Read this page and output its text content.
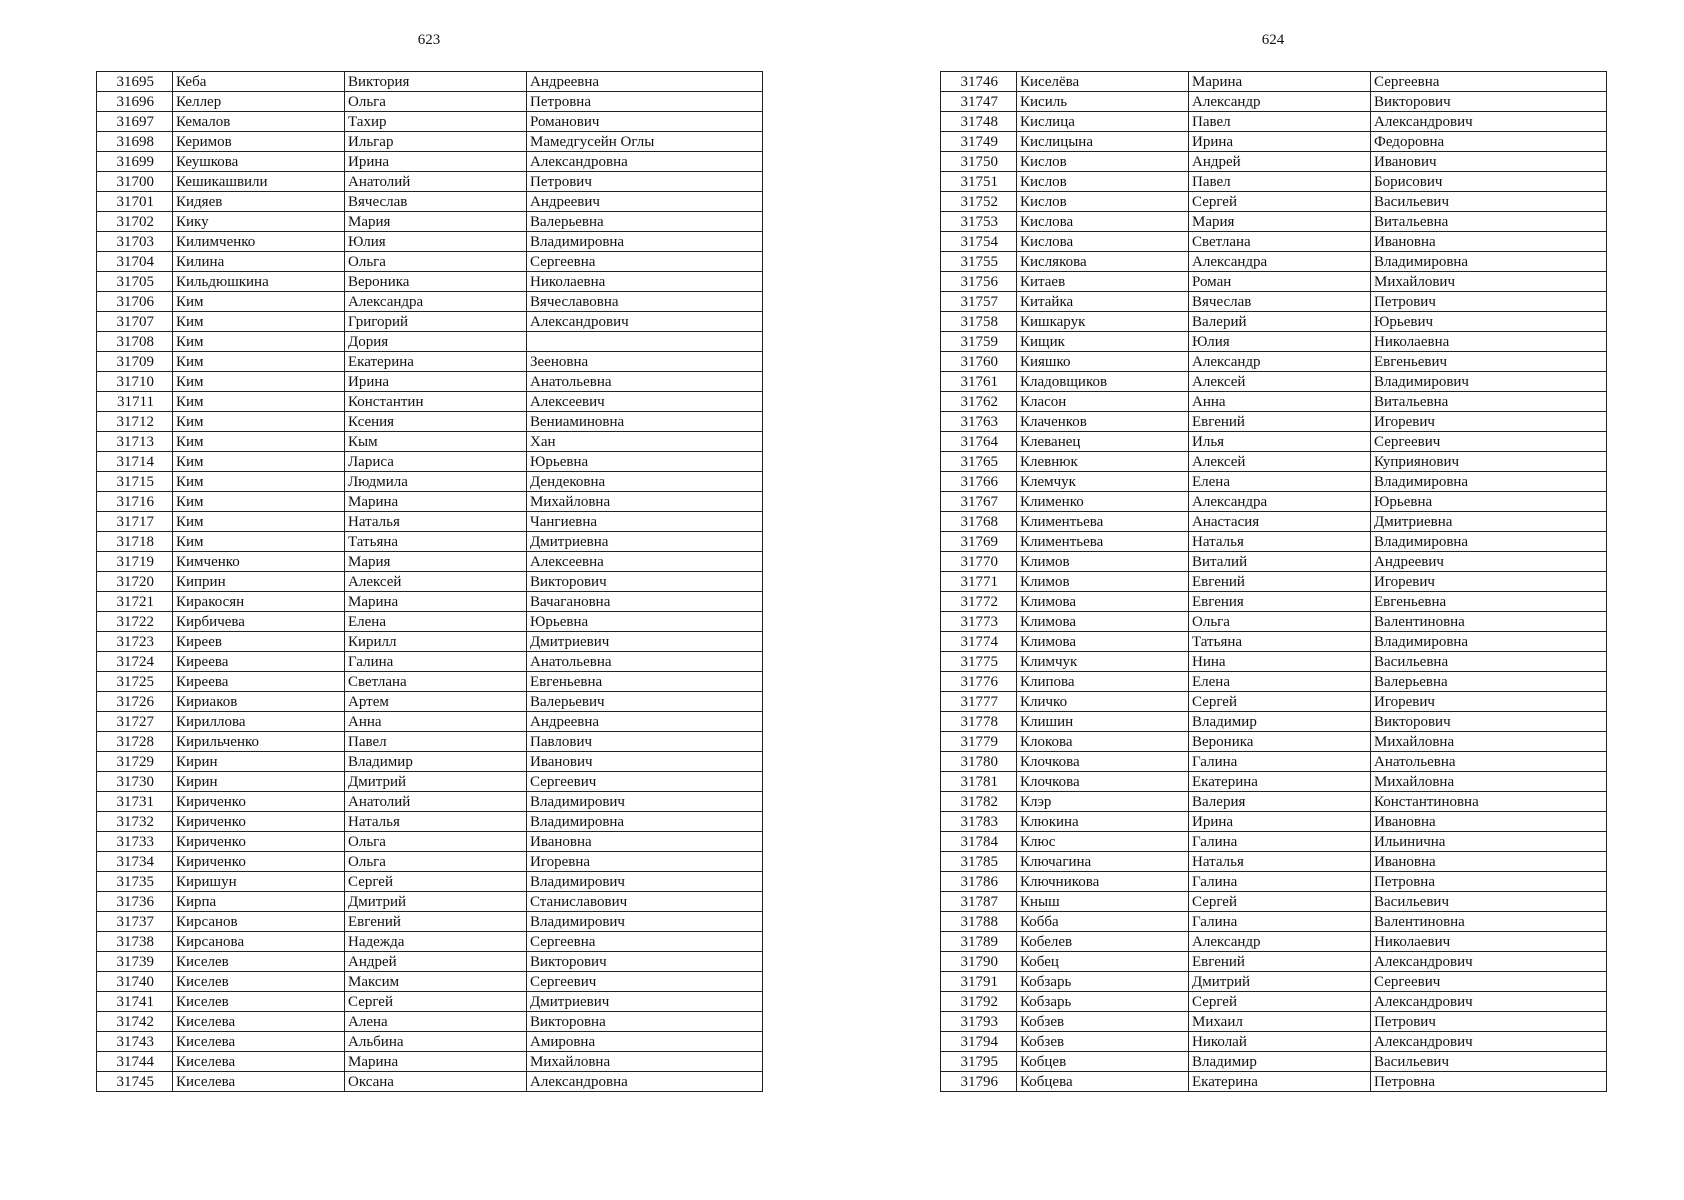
623
31695	Кеба	Виктория	Андреевна
31696	Келлер	Ольга	Петровна
31697	Кемалов	Тахир	Романович
31698	Керимов	Ильгар	Мамедгусейн Оглы
31699	Кеушкова	Ирина	Александровна
31700	Кешикашвили	Анатолий	Петрович
31701	Кидяев	Вячеслав	Андреевич
31702	Кику	Мария	Валерьевна
31703	Килимченко	Юлия	Владимировна
31704	Килина	Ольга	Сергеевна
31705	Кильдюшкина	Вероника	Николаевна
31706	Ким	Александра	Вячеславовна
31707	Ким	Григорий	Александрович
31708	Ким	Дория	
31709	Ким	Екатерина	Зееновна
31710	Ким	Ирина	Анатольевна
31711	Ким	Константин	Алексеевич
31712	Ким	Ксения	Вениаминовна
31713	Ким	Кым	Хан
31714	Ким	Лариса	Юрьевна
31715	Ким	Людмила	Дендековна
31716	Ким	Марина	Михайловна
31717	Ким	Наталья	Чангиевна
31718	Ким	Татьяна	Дмитриевна
31719	Кимченко	Мария	Алексеевна
31720	Киприн	Алексей	Викторович
31721	Киракосян	Марина	Вачагановна
31722	Кирбичева	Елена	Юрьевна
31723	Киреев	Кирилл	Дмитриевич
31724	Киреева	Галина	Анатольевна
31725	Киреева	Светлана	Евгеньевна
31726	Кириаков	Артем	Валерьевич
31727	Кириллова	Анна	Андреевна
31728	Кирильченко	Павел	Павлович
31729	Кирин	Владимир	Иванович
31730	Кирин	Дмитрий	Сергеевич
31731	Кириченко	Анатолий	Владимирович
31732	Кириченко	Наталья	Владимировна
31733	Кириченко	Ольга	Ивановна
31734	Кириченко	Ольга	Игоревна
31735	Киришун	Сергей	Владимирович
31736	Кирпа	Дмитрий	Станиславович
31737	Кирсанов	Евгений	Владимирович
31738	Кирсанова	Надежда	Сергеевна
31739	Киселев	Андрей	Викторович
31740	Киселев	Максим	Сергеевич
31741	Киселев	Сергей	Дмитриевич
31742	Киселева	Алена	Викторовна
31743	Киселева	Альбина	Амировна
31744	Киселева	Марина	Михайловна
31745	Киселева	Оксана	Александровна
624
31746	Киселёва	Марина	Сергеевна
31747	Кисиль	Александр	Викторович
31748	Кислица	Павел	Александрович
31749	Кислицына	Ирина	Федоровна
31750	Кислов	Андрей	Иванович
31751	Кислов	Павел	Борисович
31752	Кислов	Сергей	Васильевич
31753	Кислова	Мария	Витальевна
31754	Кислова	Светлана	Ивановна
31755	Кислякова	Александра	Владимировна
31756	Китаев	Роман	Михайлович
31757	Китайка	Вячеслав	Петрович
31758	Кишкарук	Валерий	Юрьевич
31759	Кищик	Юлия	Николаевна
31760	Кияшко	Александр	Евгеньевич
31761	Кладовщиков	Алексей	Владимирович
31762	Класон	Анна	Витальевна
31763	Клаченков	Евгений	Игоревич
31764	Клеванец	Илья	Сергеевич
31765	Клевнюк	Алексей	Куприянович
31766	Клемчук	Елена	Владимировна
31767	Клименко	Александра	Юрьевна
31768	Климентьева	Анастасия	Дмитриевна
31769	Климентьева	Наталья	Владимировна
31770	Климов	Виталий	Андреевич
31771	Климов	Евгений	Игоревич
31772	Климова	Евгения	Евгеньевна
31773	Климова	Ольга	Валентиновна
31774	Климова	Татьяна	Владимировна
31775	Климчук	Нина	Васильевна
31776	Клипова	Елена	Валерьевна
31777	Кличко	Сергей	Игоревич
31778	Клишин	Владимир	Викторович
31779	Клокова	Вероника	Михайловна
31780	Клочкова	Галина	Анатольевна
31781	Клочкова	Екатерина	Михайловна
31782	Клэр	Валерия	Константиновна
31783	Клюкина	Ирина	Ивановна
31784	Клюс	Галина	Ильинична
31785	Ключагина	Наталья	Ивановна
31786	Ключникова	Галина	Петровна
31787	Кныш	Сергей	Васильевич
31788	Кобба	Галина	Валентиновна
31789	Кобелев	Александр	Николаевич
31790	Кобец	Евгений	Александрович
31791	Кобзарь	Дмитрий	Сергеевич
31792	Кобзарь	Сергей	Александрович
31793	Кобзев	Михаил	Петрович
31794	Кобзев	Николай	Александрович
31795	Кобцев	Владимир	Васильевич
31796	Кобцева	Екатерина	Петровна
